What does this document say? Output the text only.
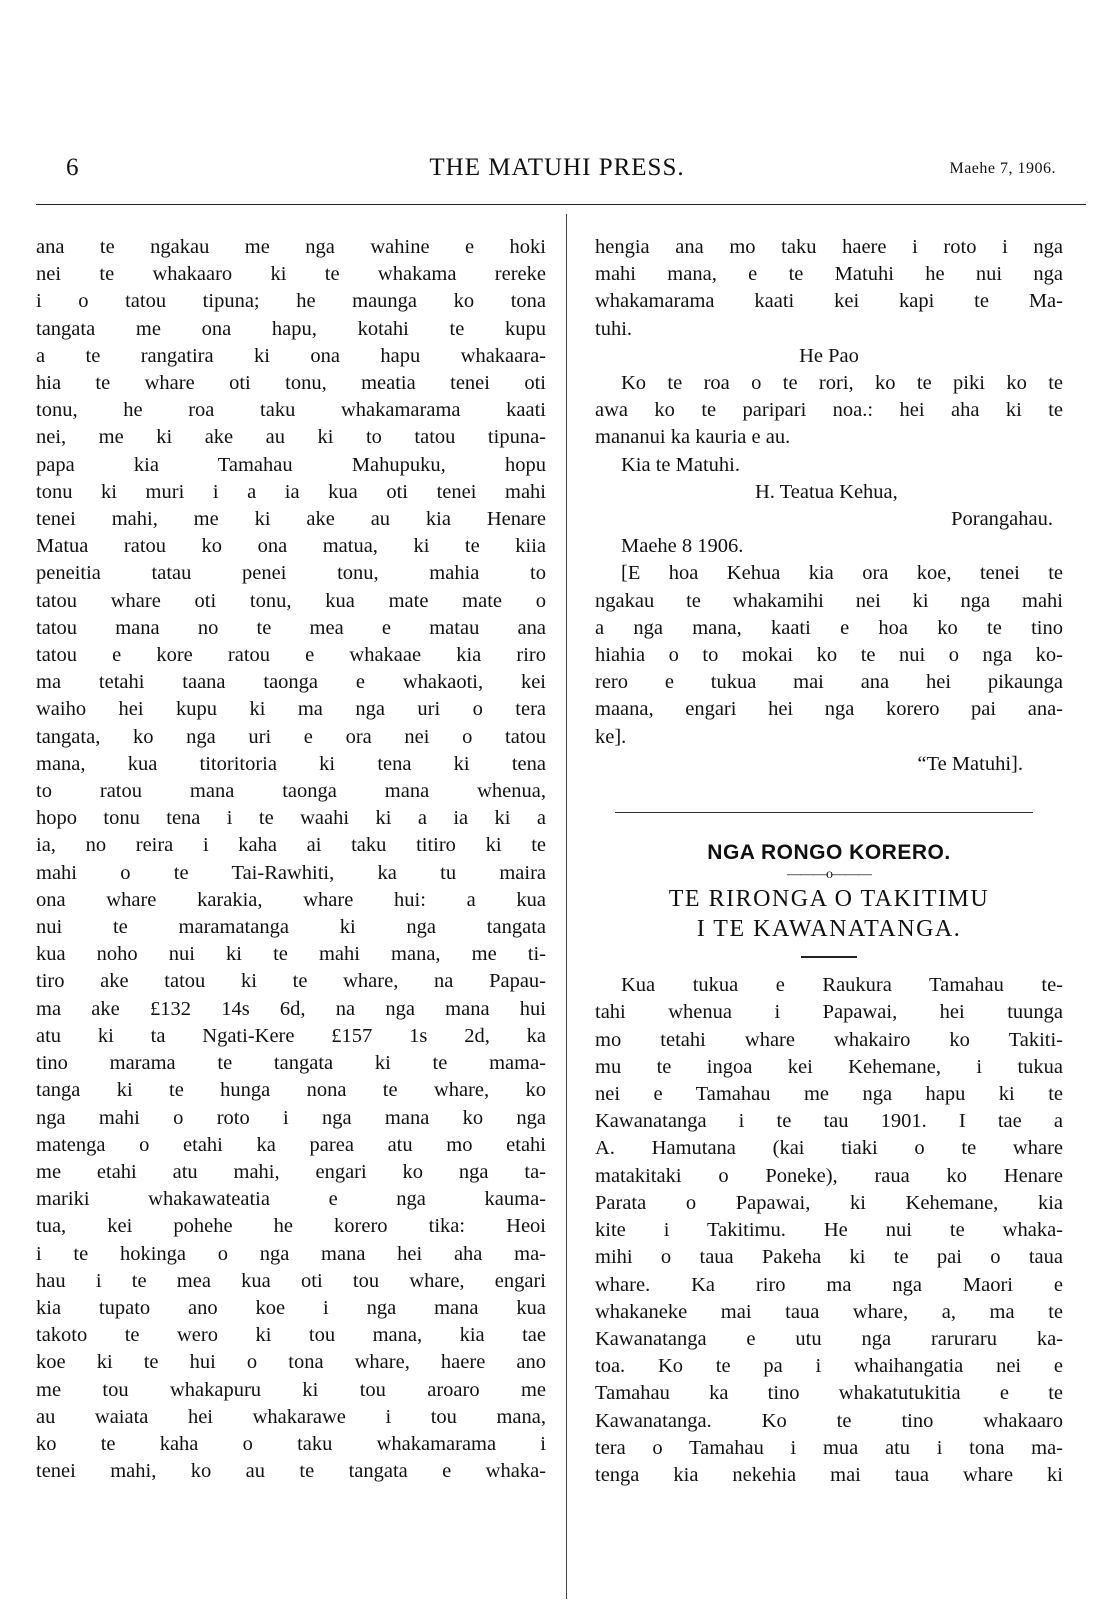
6	THE MATUHI PRESS.	Maehe 7, 1906.
ana te ngakau me nga wahine e hoki
nei te whakaaro ki te whakama rereke
i o tatou tipuna; he maunga ko tona
tangata me ona hapu, kotahi te kupu
a te rangatira ki ona hapu whakaara-
hia te whare oti tonu, meatia tenei oti
tonu, he roa taku whakamarama kaati
nei, me ki ake au ki to tatou tipuna-
papa kia Tamahau Mahupuku, hopu
tonu ki muri i a ia kua oti tenei mahi
tenei mahi, me ki ake au kia Henare
Matua ratou ko ona matua, ki te kiia
peneitia tatau penei tonu, mahia to
tatou whare oti tonu, kua mate mate o
tatou mana no te mea e matau ana
tatou e kore ratou e whakaae kia riro
ma tetahi taana taonga e whakaoti, kei
waiho hei kupu ki ma nga uri o tera
tangata, ko nga uri e ora nei o tatou
mana, kua titoritoria ki tena ki tena
to ratou mana taonga mana whenua,
hopo tonu tena i te waahi ki a ia ki a
ia, no reira i kaha ai taku titiro ki te
mahi o te Tai-Rawhiti, ka tu maira
ona whare karakia, whare hui: a kua
nui te maramatanga ki nga tangata
kua noho nui ki te mahi mana, me ti-
tiro ake tatou ki te whare, na Papau-
ma ake £132 14s 6d, na nga mana hui
atu ki ta Ngati-Kere £157 1s 2d, ka
tino marama te tangata ki te mama-
tanga ki te hunga nona te whare, ko
nga mahi o roto i nga mana ko nga
matenga o etahi ka parea atu mo etahi
me etahi atu mahi, engari ko nga ta-
mariki whakawateatia e nga kauma-
tua, kei pohehe he korero tika: Heoi
i te hokinga o nga mana hei aha ma-
hau i te mea kua oti tou whare, engari
kia tupato ano koe i nga mana kua
takoto te wero ki tou mana, kia tae
koe ki te hui o tona whare, haere ano
me tou whakapuru ki tou aroaro me
au waiata hei whakarawe i tou mana,
ko te kaha o taku whakamarama i
tenei mahi, ko au te tangata e whaka-
hengia ana mo taku haere i roto i nga
mahi mana, e te Matuhi he nui nga
whakamarama kaati kei kapi te Ma-
tuhi.
He Pao
Ko te roa o te rori, ko te piki ko te
awa ko te paripari noa.: hei aha ki te
mananui ka kauria e au.
Kia te Matuhi.
H. Teatua Kehua,
Porangahau.
Maehe 8 1906.
[E hoa Kehua kia ora koe, tenei te
ngakau te whakamihi nei ki nga mahi
a nga mana, kaati e hoa ko te tino
hiahia o to mokai ko te nui o nga ko-
rero e tukua mai ana hei pikaunga
maana, engari hei nga korero pai ana-
ke].
“Te Matuhi].
NGA RONGO KORERO.
———o———
TE RIRONGA O TAKITIMU
I TE KAWANATANGA.
Kua tukua e Raukura Tamahau te-
tahi whenua i Papawai, hei tuunga
mo tetahi whare whakairo ko Takiti-
mu te ingoa kei Kehemane, i tukua
nei e Tamahau me nga hapu ki te
Kawanatanga i te tau 1901. I tae a
A. Hamutana (kai tiaki o te whare
matakitaki o Poneke), raua ko Henare
Parata o Papawai, ki Kehemane, kia
kite i Takitimu. He nui te whaka-
mihi o taua Pakeha ki te pai o taua
whare. Ka riro ma nga Maori e
whakaneke mai taua whare, a, ma te
Kawanatanga e utu nga raruraru ka-
toa. Ko te pa i whaihangatia nei e
Tamahau ka tino whakatutukitia e te
Kawanatanga. Ko te tino whakaaro
tera o Tamahau i mua atu i tona ma-
tenga kia nekehia mai taua whare ki
